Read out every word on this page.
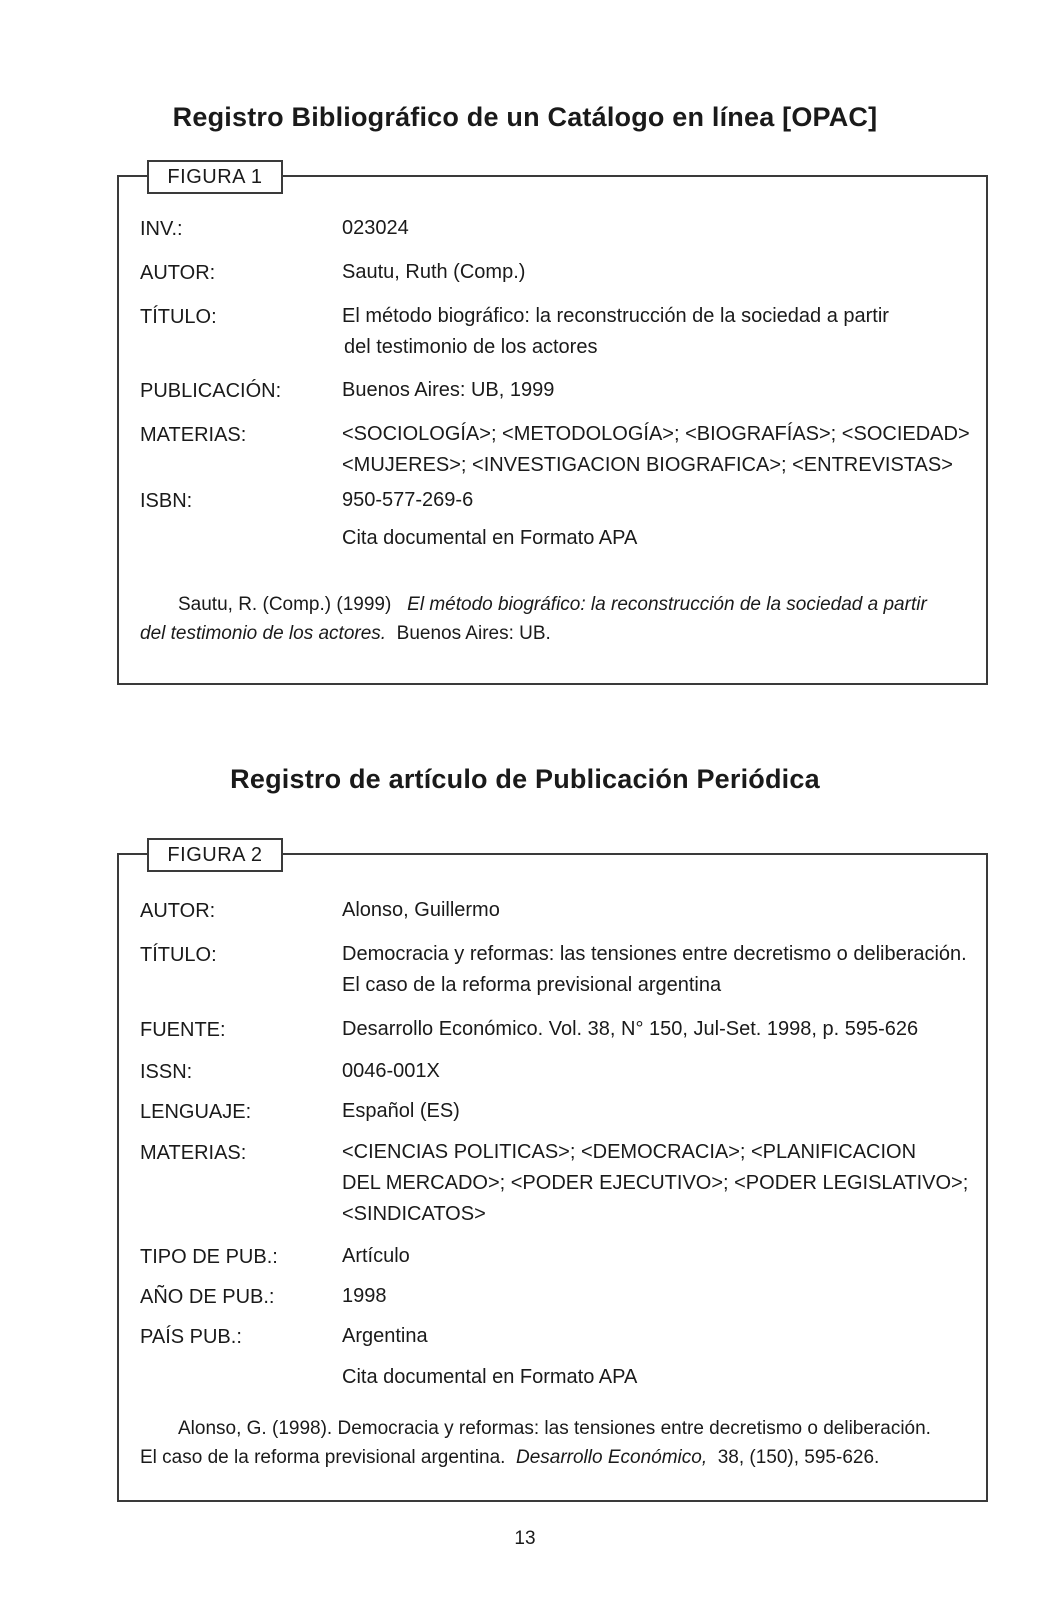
Registro Bibliográfico de un Catálogo en línea [OPAC]
FIGURA 1
INV.:	023024
AUTOR:	Sautu, Ruth (Comp.)
TÍTULO:	El método biográfico: la reconstrucción de la sociedad a partir
del testimonio de los actores
PUBLICACIÓN:	Buenos Aires: UB, 1999
MATERIAS:	<SOCIOLOGÍA>; <METODOLOGÍA>; <BIOGRAFÍAS>; <SOCIEDAD>
<MUJERES>; <INVESTIGACION BIOGRAFICA>; <ENTREVISTAS>
ISBN:	950-577-269-6
Cita documental en Formato APA
Sautu, R. (Comp.) (1999) El método biográfico: la reconstrucción de la sociedad a partir
del testimonio de los actores. Buenos Aires: UB.
Registro de artículo de Publicación Periódica
FIGURA 2
AUTOR:	Alonso, Guillermo
TÍTULO:	Democracia y reformas: las tensiones entre decretismo o deliberación.
El caso de la reforma previsional argentina
FUENTE:	Desarrollo Económico. Vol. 38, N° 150, Jul-Set. 1998, p. 595-626
ISSN:	0046-001X
LENGUAJE:	Español (ES)
MATERIAS:	<CIENCIAS POLITICAS>; <DEMOCRACIA>; <PLANIFICACION
DEL MERCADO>; <PODER EJECUTIVO>; <PODER LEGISLATIVO>;
<SINDICATOS>
TIPO DE PUB.:	Artículo
AÑO DE PUB.:	1998
PAÍS PUB.:	Argentina
Cita documental en Formato APA
Alonso, G. (1998). Democracia y reformas: las tensiones entre decretismo o deliberación.
El caso de la reforma previsional argentina. Desarrollo Económico, 38, (150), 595-626.
13
